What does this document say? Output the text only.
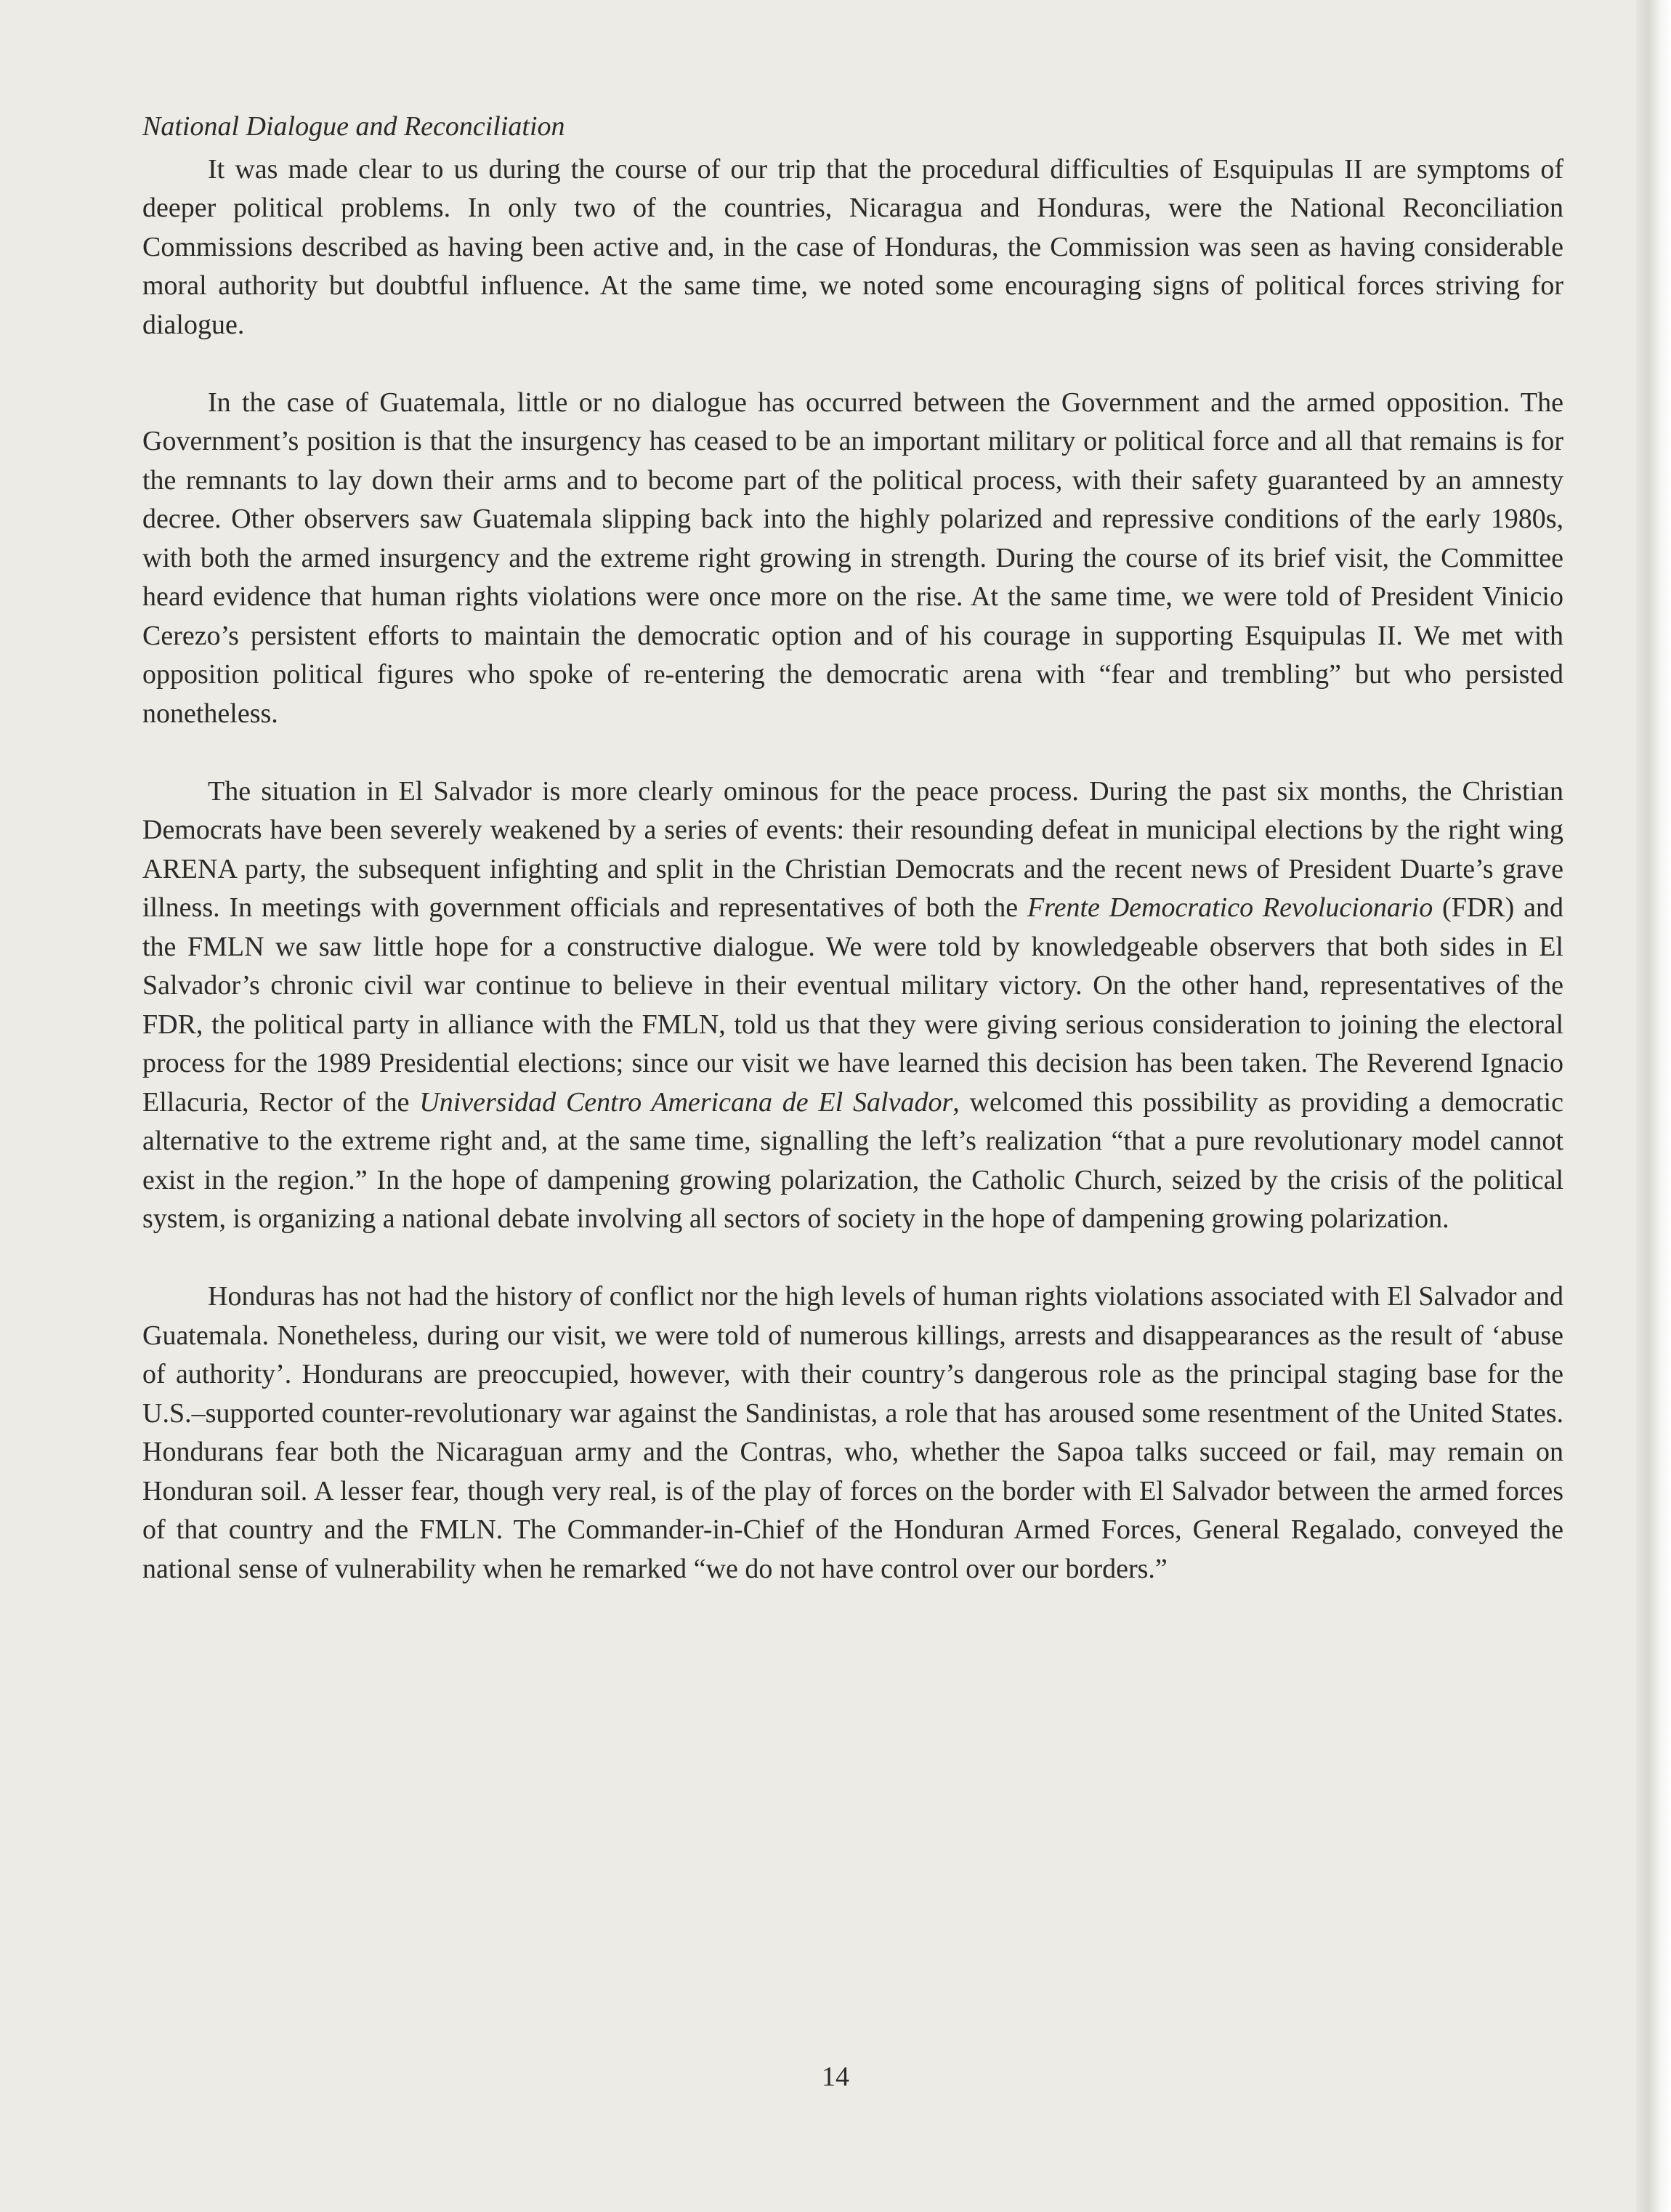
National Dialogue and Reconciliation

It was made clear to us during the course of our trip that the procedural difficulties of Esquipulas II are symptoms of deeper political problems. In only two of the countries, Nicaragua and Honduras, were the National Reconciliation Commissions described as having been active and, in the case of Honduras, the Commission was seen as having considerable moral authority but doubtful influence. At the same time, we noted some encouraging signs of political forces striving for dialogue.

In the case of Guatemala, little or no dialogue has occurred between the Government and the armed opposition. The Government’s position is that the insurgency has ceased to be an important military or political force and all that remains is for the remnants to lay down their arms and to become part of the political process, with their safety guaranteed by an amnesty decree. Other observers saw Guatemala slipping back into the highly polarized and repressive conditions of the early 1980s, with both the armed insurgency and the extreme right growing in strength. During the course of its brief visit, the Committee heard evidence that human rights violations were once more on the rise. At the same time, we were told of President Vinicio Cerezo’s persistent efforts to maintain the democratic option and of his courage in supporting Esquipulas II. We met with opposition political figures who spoke of re-entering the democratic arena with “fear and trembling” but who persisted nonetheless.

The situation in El Salvador is more clearly ominous for the peace process. During the past six months, the Christian Democrats have been severely weakened by a series of events: their resounding defeat in municipal elections by the right wing ARENA party, the subsequent infighting and split in the Christian Democrats and the recent news of President Duarte’s grave illness. In meetings with government officials and representatives of both the Frente Democratico Revolucionario (FDR) and the FMLN we saw little hope for a constructive dialogue. We were told by knowledgeable observers that both sides in El Salvador’s chronic civil war continue to believe in their eventual military victory. On the other hand, representatives of the FDR, the political party in alliance with the FMLN, told us that they were giving serious consideration to joining the electoral process for the 1989 Presidential elections; since our visit we have learned this decision has been taken. The Reverend Ignacio Ellacuria, Rector of the Universidad Centro Americana de El Salvador, welcomed this possibility as providing a democratic alternative to the extreme right and, at the same time, signalling the left’s realization “that a pure revolutionary model cannot exist in the region.” In the hope of dampening growing polarization, the Catholic Church, seized by the crisis of the political system, is organizing a national debate involving all sectors of society in the hope of dampening growing polarization.

Honduras has not had the history of conflict nor the high levels of human rights violations associated with El Salvador and Guatemala. Nonetheless, during our visit, we were told of numerous killings, arrests and disappearances as the result of ‘abuse of authority’. Hondurans are preoccupied, however, with their country’s dangerous role as the principal staging base for the U.S.–supported counter-revolutionary war against the Sandinistas, a role that has aroused some resentment of the United States. Hondurans fear both the Nicaraguan army and the Contras, who, whether the Sapoa talks succeed or fail, may remain on Honduran soil. A lesser fear, though very real, is of the play of forces on the border with El Salvador between the armed forces of that country and the FMLN. The Commander-in-Chief of the Honduran Armed Forces, General Regalado, conveyed the national sense of vulnerability when he remarked “we do not have control over our borders.”

14
